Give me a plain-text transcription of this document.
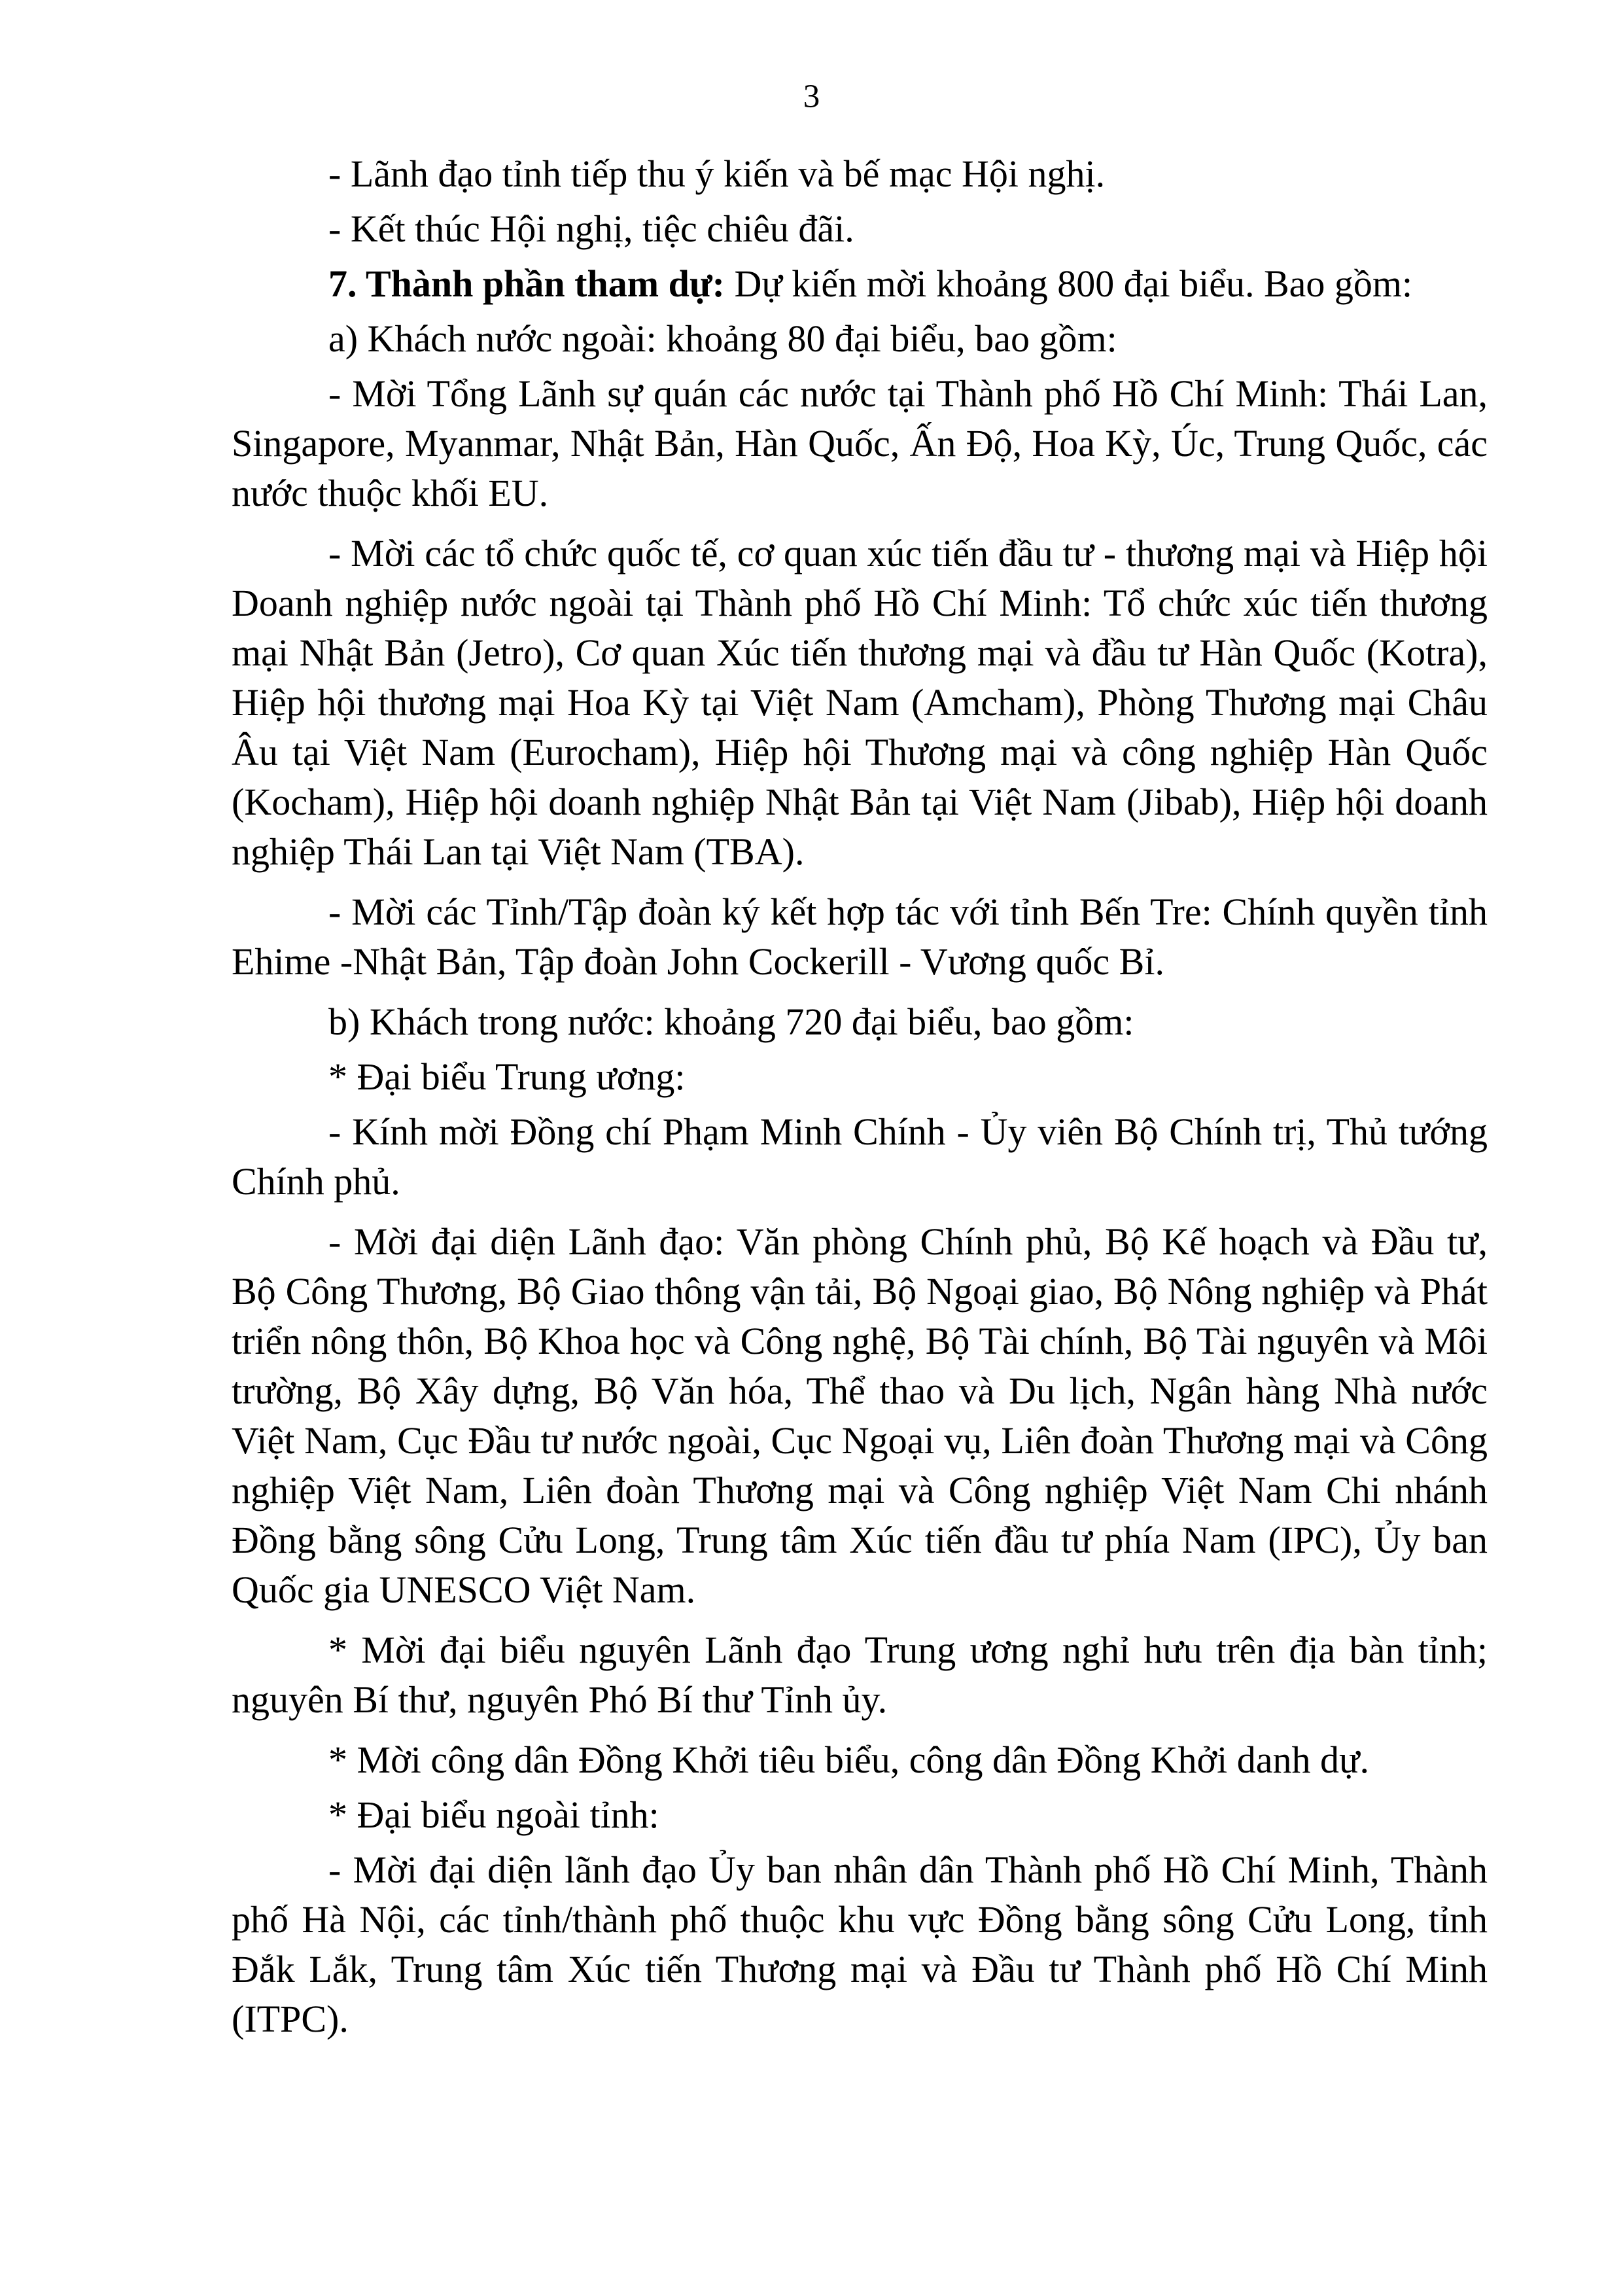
3

- Lãnh đạo tỉnh tiếp thu ý kiến và bế mạc Hội nghị.

- Kết thúc Hội nghị, tiệc chiêu đãi.

7. Thành phần tham dự: Dự kiến mời khoảng 800 đại biểu. Bao gồm:

a) Khách nước ngoài: khoảng 80 đại biểu, bao gồm:

- Mời Tổng Lãnh sự quán các nước tại Thành phố Hồ Chí Minh: Thái Lan, Singapore, Myanmar, Nhật Bản, Hàn Quốc, Ấn Độ, Hoa Kỳ, Úc, Trung Quốc, các nước thuộc khối EU.

- Mời các tổ chức quốc tế, cơ quan xúc tiến đầu tư - thương mại và Hiệp hội Doanh nghiệp nước ngoài tại Thành phố Hồ Chí Minh: Tổ chức xúc tiến thương mại Nhật Bản (Jetro), Cơ quan Xúc tiến thương mại và đầu tư Hàn Quốc (Kotra), Hiệp hội thương mại Hoa Kỳ tại Việt Nam (Amcham), Phòng Thương mại Châu Âu tại Việt Nam (Eurocham), Hiệp hội Thương mại và công nghiệp Hàn Quốc (Kocham), Hiệp hội doanh nghiệp Nhật Bản tại Việt Nam (Jibab), Hiệp hội doanh nghiệp Thái Lan tại Việt Nam (TBA).

- Mời các Tỉnh/Tập đoàn ký kết hợp tác với tỉnh Bến Tre: Chính quyền tỉnh Ehime -Nhật Bản, Tập đoàn John Cockerill - Vương quốc Bỉ.

b) Khách trong nước: khoảng 720 đại biểu, bao gồm:

* Đại biểu Trung ương:

- Kính mời Đồng chí Phạm Minh Chính - Ủy viên Bộ Chính trị, Thủ tướng Chính phủ.

- Mời đại diện Lãnh đạo: Văn phòng Chính phủ, Bộ Kế hoạch và Đầu tư, Bộ Công Thương, Bộ Giao thông vận tải, Bộ Ngoại giao, Bộ Nông nghiệp và Phát triển nông thôn, Bộ Khoa học và Công nghệ, Bộ Tài chính, Bộ Tài nguyên và Môi trường, Bộ Xây dựng, Bộ Văn hóa, Thể thao và Du lịch, Ngân hàng Nhà nước Việt Nam, Cục Đầu tư nước ngoài, Cục Ngoại vụ, Liên đoàn Thương mại và Công nghiệp Việt Nam, Liên đoàn Thương mại và Công nghiệp Việt Nam Chi nhánh Đồng bằng sông Cửu Long, Trung tâm Xúc tiến đầu tư phía Nam (IPC), Ủy ban Quốc gia UNESCO Việt Nam.

* Mời đại biểu nguyên Lãnh đạo Trung ương nghỉ hưu trên địa bàn tỉnh; nguyên Bí thư, nguyên Phó Bí thư Tỉnh ủy.

* Mời công dân Đồng Khởi tiêu biểu, công dân Đồng Khởi danh dự.

* Đại biểu ngoài tỉnh:

- Mời đại diện lãnh đạo Ủy ban nhân dân Thành phố Hồ Chí Minh, Thành phố Hà Nội, các tỉnh/thành phố thuộc khu vực Đồng bằng sông Cửu Long, tỉnh Đắk Lắk, Trung tâm Xúc tiến Thương mại và Đầu tư Thành phố Hồ Chí Minh (ITPC).
